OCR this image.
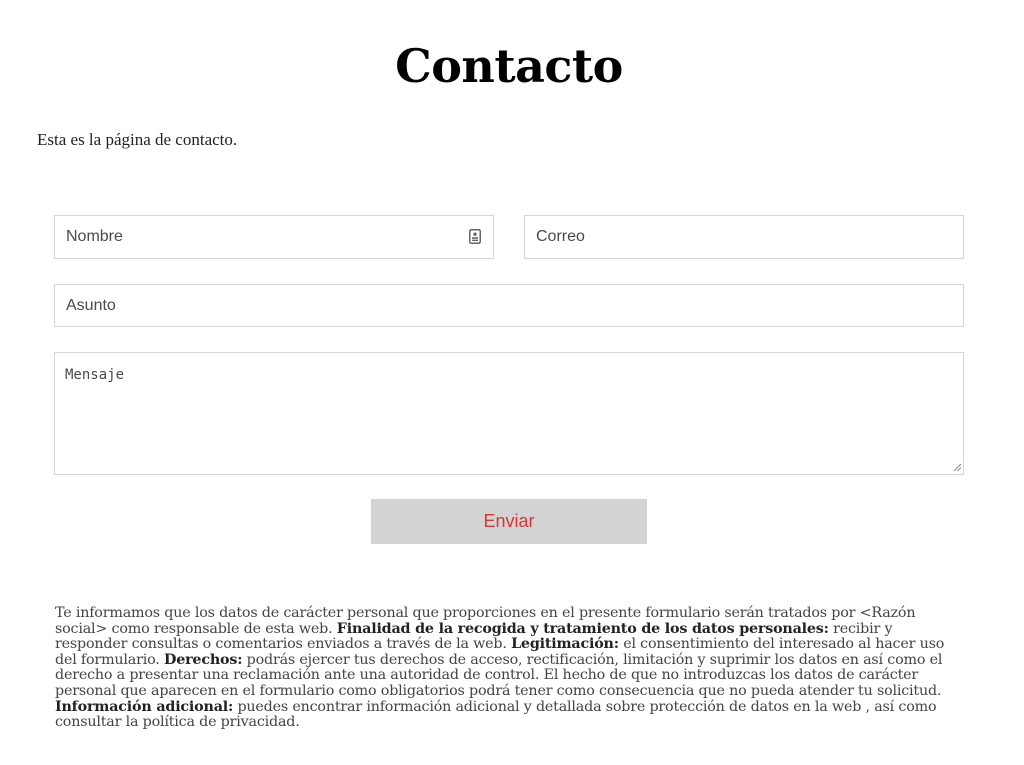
Contacto

Esta es la página de contacto.

Nombre
Correo
Asunto
Mensaje
Enviar

Te informamos que los datos de carácter personal que proporciones en el presente formulario serán tratados por <Razón social> como responsable de esta web. Finalidad de la recogida y tratamiento de los datos personales: recibir y responder consultas o comentarios enviados a través de la web. Legitimación: el consentimiento del interesado al hacer uso del formulario. Derechos: podrás ejercer tus derechos de acceso, rectificación, limitación y suprimir los datos en así como el derecho a presentar una reclamación ante una autoridad de control. El hecho de que no introduzcas los datos de carácter personal que aparecen en el formulario como obligatorios podrá tener como consecuencia que no pueda atender tu solicitud. Información adicional: puedes encontrar información adicional y detallada sobre protección de datos en la web , así como consultar la política de privacidad.
